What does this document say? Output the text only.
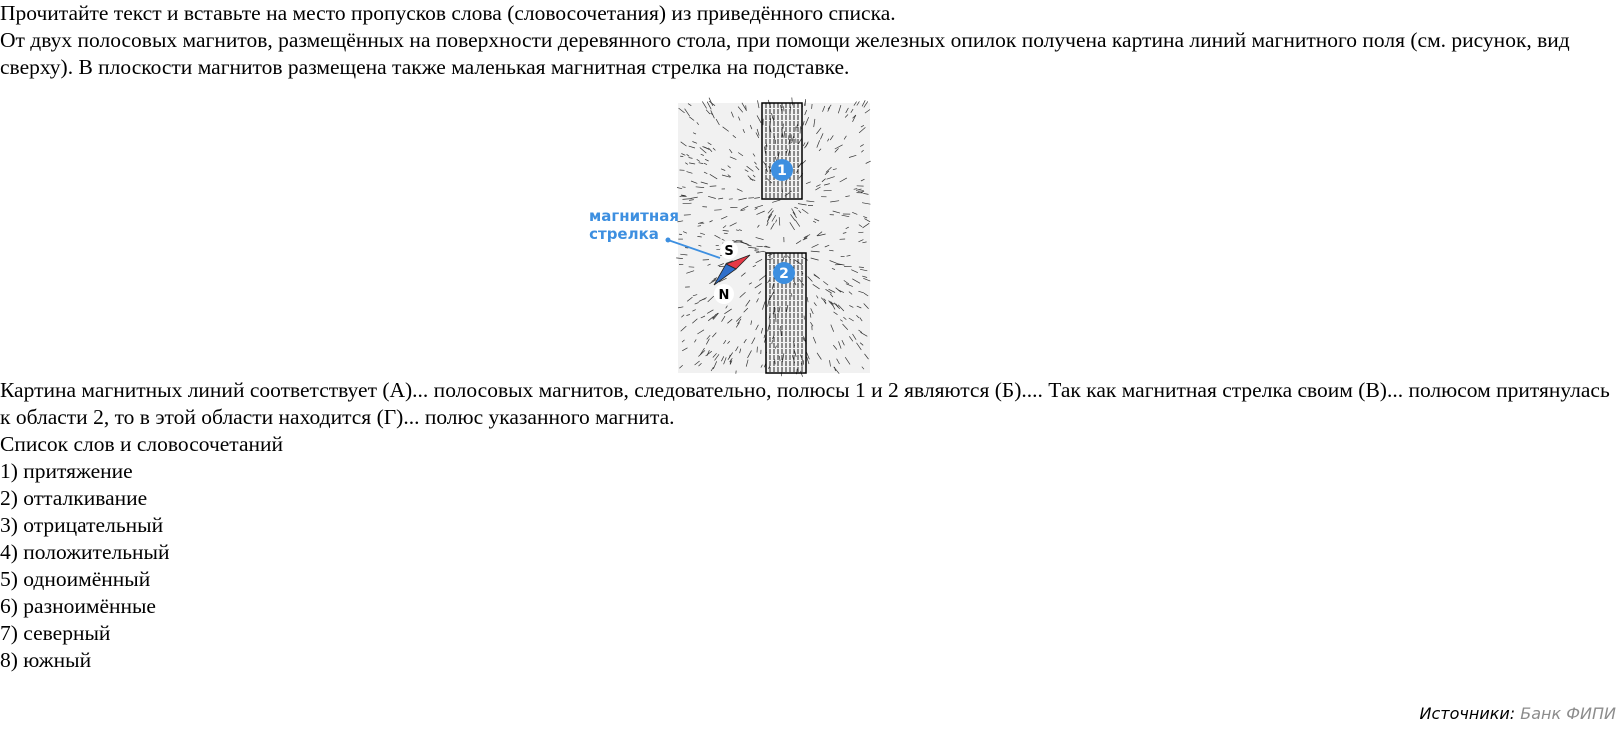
Прочитайте текст и вставьте на место пропусков слова (словосочетания) из приведённого списка.

От двух полосовых магнитов, размещённых на поверхности деревянного стола, при помощи железных опилок получена картина линий магнитного поля (см. рисунок, вид сверху). В плоскости магнитов размещена также маленькая магнитная стрелка на подставке.

1
2
магнитная
стрелка
S
N

Картина магнитных линий соответствует (А)... полосовых магнитов, следовательно, полюсы 1 и 2 являются (Б).... Так как магнитная стрелка своим (В)... полюсом притянулась к области 2, то в этой области находится (Г)... полюс указанного магнита.

Список слов и словосочетаний

1) притяжение
2) отталкивание
3) отрицательный
4) положительный
5) одноимённый
6) разноимённые
7) северный
8) южный
Источники: Банк ФИПИ
